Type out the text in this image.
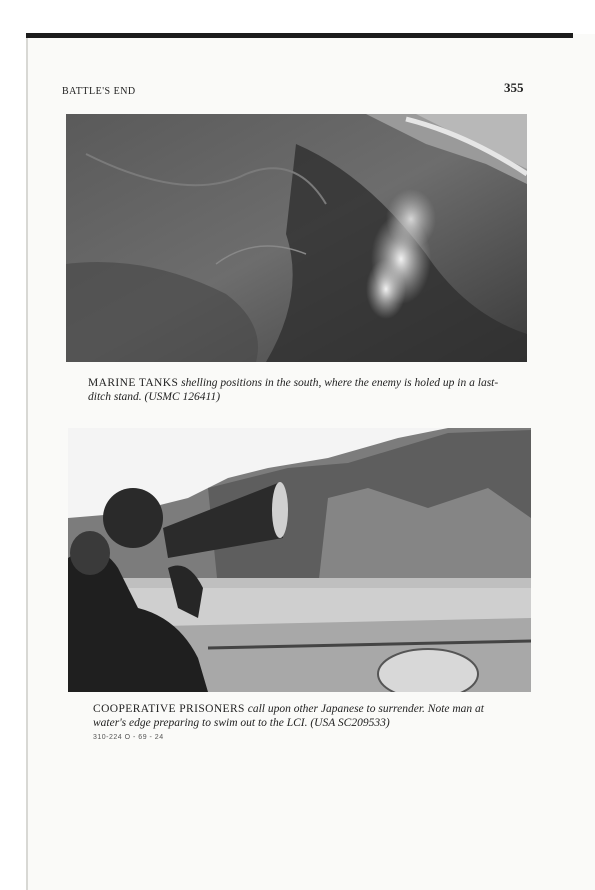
BATTLE'S END	355
MARINE TANKS shelling positions in the south, where the enemy is holed up in a last-ditch stand. (USMC 126411)
COOPERATIVE PRISONERS call upon other Japanese to surrender. Note man at water's edge preparing to swim out to the LCI. (USA SC209533)
310-224 O - 69 - 24
